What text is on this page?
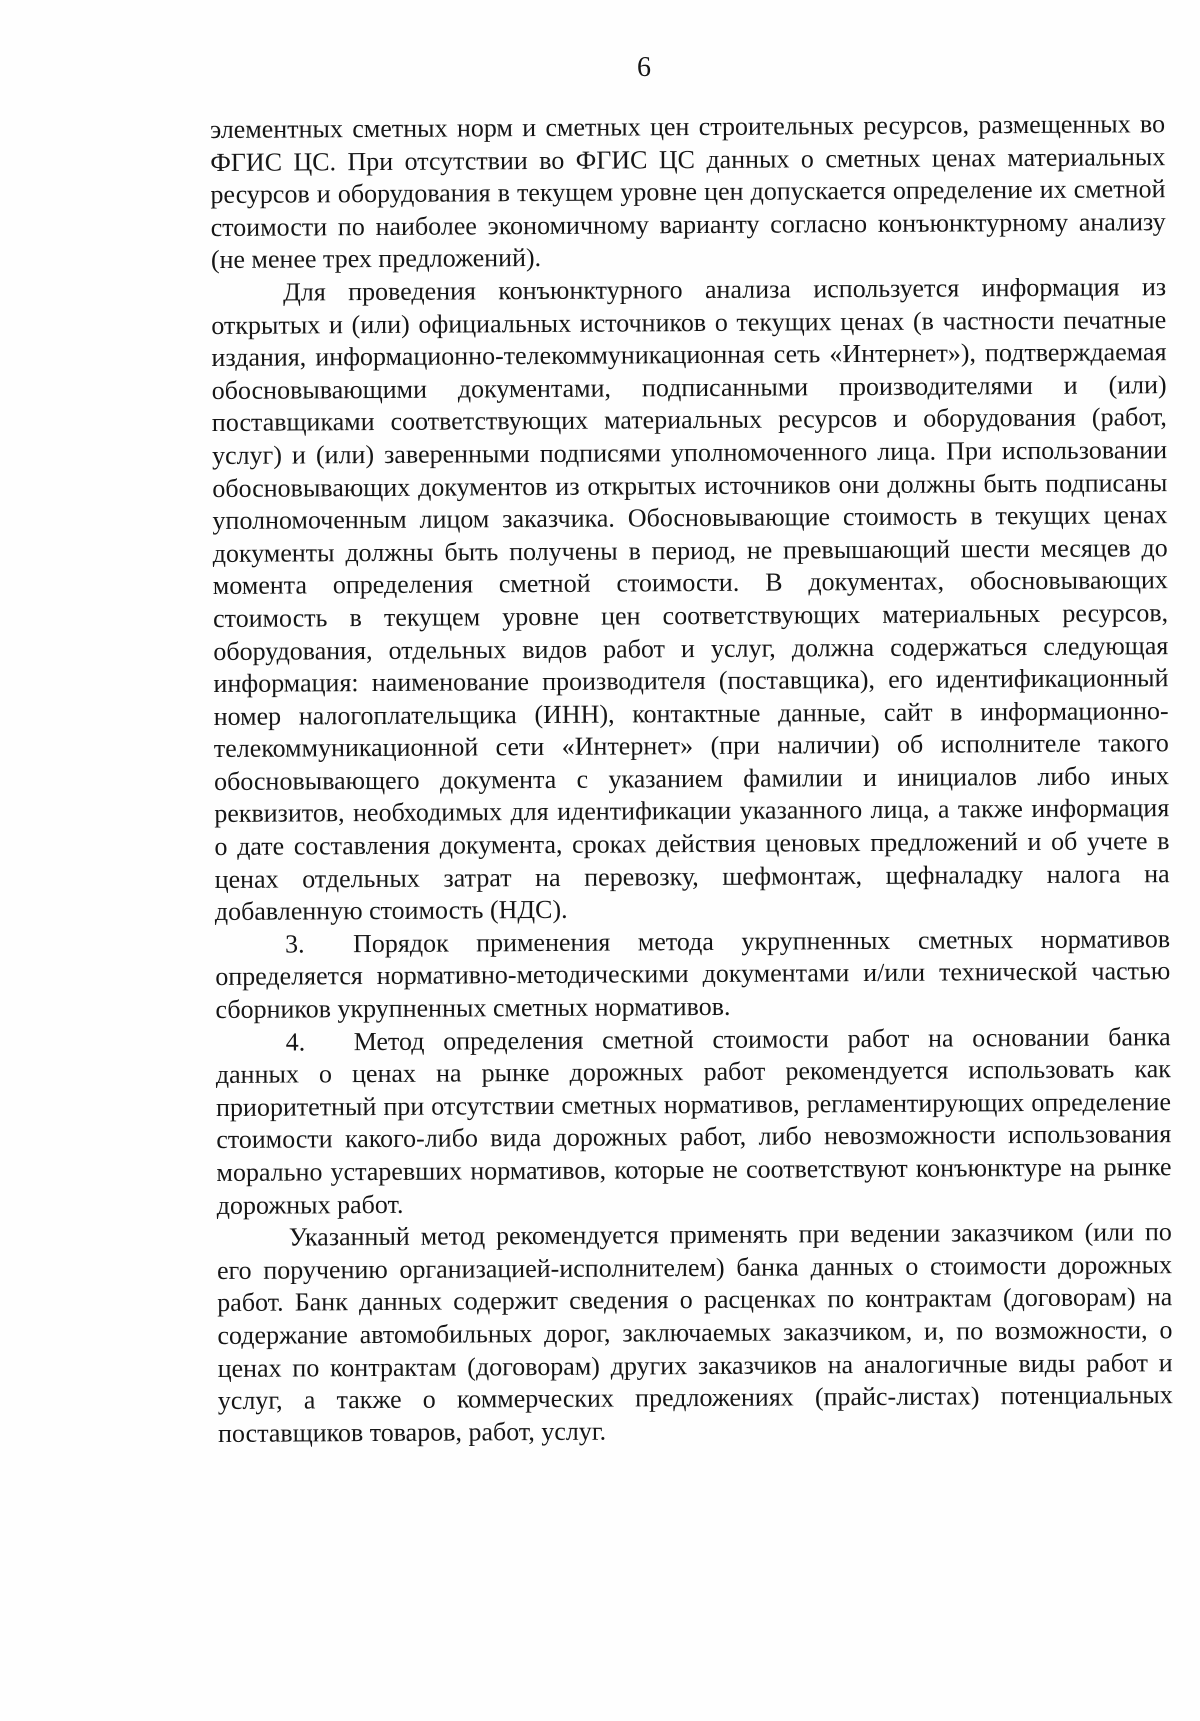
6

элементных сметных норм и сметных цен строительных ресурсов, размещенных во ФГИС ЦС. При отсутствии во ФГИС ЦС данных о сметных ценах материальных ресурсов и оборудования в текущем уровне цен допускается определение их сметной стоимости по наиболее экономичному варианту согласно конъюнктурному анализу (не менее трех предложений).

Для проведения конъюнктурного анализа используется информация из открытых и (или) официальных источников о текущих ценах (в частности печатные издания, информационно-телекоммуникационная сеть «Интернет»), подтверждаемая обосновывающими документами, подписанными производителями и (или) поставщиками соответствующих материальных ресурсов и оборудования (работ, услуг) и (или) заверенными подписями уполномоченного лица. При использовании обосновывающих документов из открытых источников они должны быть подписаны уполномоченным лицом заказчика. Обосновывающие стоимость в текущих ценах документы должны быть получены в период, не превышающий шести месяцев до момента определения сметной стоимости. В документах, обосновывающих стоимость в текущем уровне цен соответствующих материальных ресурсов, оборудования, отдельных видов работ и услуг, должна содержаться следующая информация: наименование производителя (поставщика), его идентификационный номер налогоплательщика (ИНН), контактные данные, сайт в информационно-телекоммуникационной сети «Интернет» (при наличии) об исполнителе такого обосновывающего документа с указанием фамилии и инициалов либо иных реквизитов, необходимых для идентификации указанного лица, а также информация о дате составления документа, сроках действия ценовых предложений и об учете в ценах отдельных затрат на перевозку, шефмонтаж, щефналадку налога на добавленную стоимость (НДС).

3. Порядок применения метода укрупненных сметных нормативов определяется нормативно-методическими документами и/или технической частью сборников укрупненных сметных нормативов.

4. Метод определения сметной стоимости работ на основании банка данных о ценах на рынке дорожных работ рекомендуется использовать как приоритетный при отсутствии сметных нормативов, регламентирующих определение стоимости какого-либо вида дорожных работ, либо невозможности использования морально устаревших нормативов, которые не соответствуют конъюнктуре на рынке дорожных работ.

Указанный метод рекомендуется применять при ведении заказчиком (или по его поручению организацией-исполнителем) банка данных о стоимости дорожных работ. Банк данных содержит сведения о расценках по контрактам (договорам) на содержание автомобильных дорог, заключаемых заказчиком, и, по возможности, о ценах по контрактам (договорам) других заказчиков на аналогичные виды работ и услуг, а также о коммерческих предложениях (прайс-листах) потенциальных поставщиков товаров, работ, услуг.
